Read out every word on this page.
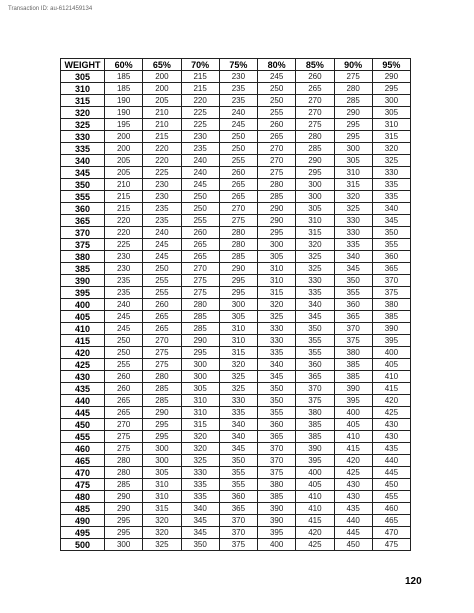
Transaction ID: au-6121459134
WEIGHT	60%	65%	70%	75%	80%	85%	90%	95%
305	185	200	215	230	245	260	275	290
310	185	200	215	235	250	265	280	295
315	190	205	220	235	250	270	285	300
320	190	210	225	240	255	270	290	305
325	195	210	225	245	260	275	295	310
330	200	215	230	250	265	280	295	315
335	200	220	235	250	270	285	300	320
340	205	220	240	255	270	290	305	325
345	205	225	240	260	275	295	310	330
350	210	230	245	265	280	300	315	335
355	215	230	250	265	285	300	320	335
360	215	235	250	270	290	305	325	340
365	220	235	255	275	290	310	330	345
370	220	240	260	280	295	315	330	350
375	225	245	265	280	300	320	335	355
380	230	245	265	285	305	325	340	360
385	230	250	270	290	310	325	345	365
390	235	255	275	295	310	330	350	370
395	235	255	275	295	315	335	355	375
400	240	260	280	300	320	340	360	380
405	245	265	285	305	325	345	365	385
410	245	265	285	310	330	350	370	390
415	250	270	290	310	330	355	375	395
420	250	275	295	315	335	355	380	400
425	255	275	300	320	340	360	385	405
430	260	280	300	325	345	365	385	410
435	260	285	305	325	350	370	390	415
440	265	285	310	330	350	375	395	420
445	265	290	310	335	355	380	400	425
450	270	295	315	340	360	385	405	430
455	275	295	320	340	365	385	410	430
460	275	300	320	345	370	390	415	435
465	280	300	325	350	370	395	420	440
470	280	305	330	355	375	400	425	445
475	285	310	335	355	380	405	430	450
480	290	310	335	360	385	410	430	455
485	290	315	340	365	390	410	435	460
490	295	320	345	370	390	415	440	465
495	295	320	345	370	395	420	445	470
500	300	325	350	375	400	425	450	475
120
